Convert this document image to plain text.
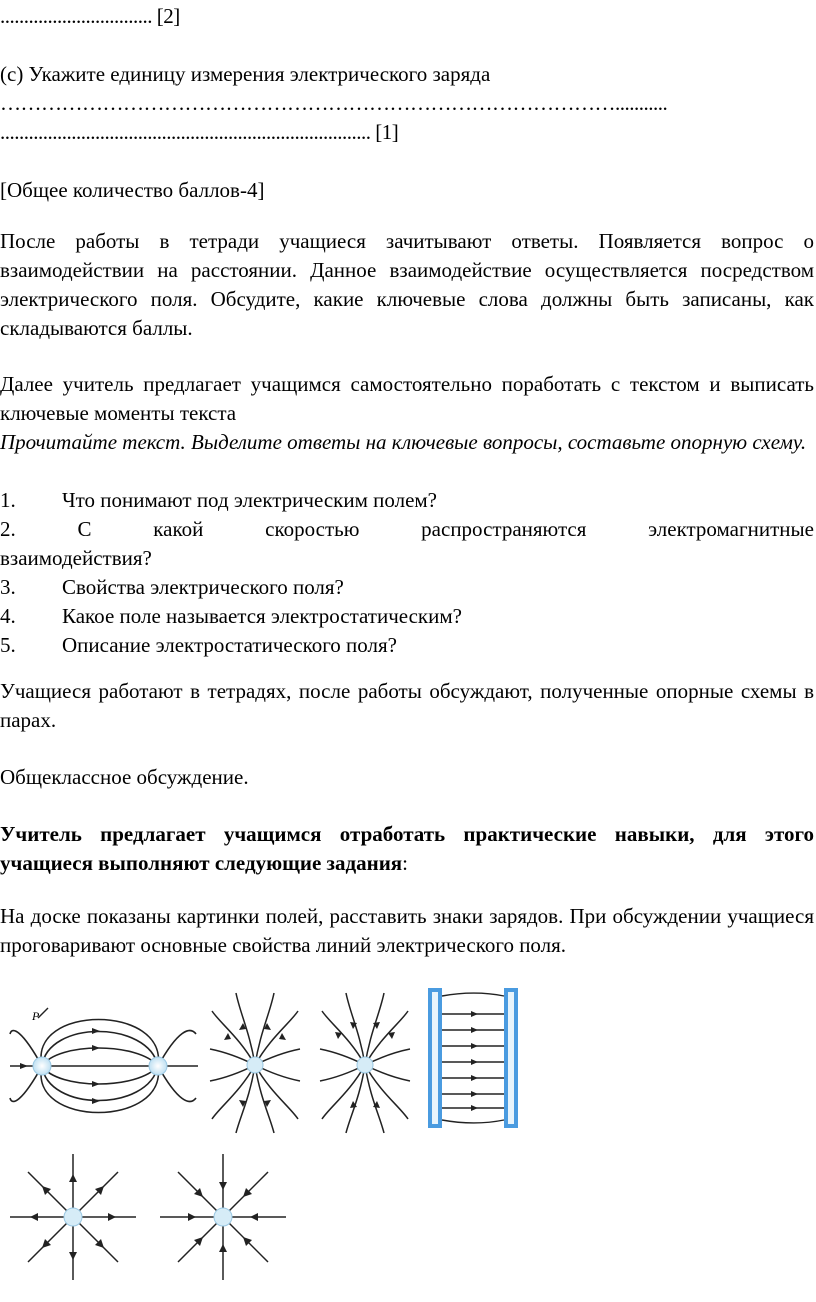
................................ [2]
(с) Укажите единицу измерения электрического заряда
………………………………………………………………………………...........
.............................................................................. [1]
[Общее количество баллов-4]

После работы в тетради учащиеся зачитывают ответы. Появляется вопрос о взаимодействии на расстоянии. Данное взаимодействие осуществляется посредством электрического поля. Обсудите, какие ключевые слова должны быть записаны, как складываются баллы.

Далее учитель предлагает учащимся самостоятельно поработать с текстом и выписать ключевые моменты текста

Прочитайте текст. Выделите ответы на ключевые вопросы, составьте опорную схему.

1. Что понимают под электрическим полем?
2.	С	какой	скоростью	распространяются	электромагнитные
взаимодействия?
3. Свойства электрического поля?
4. Какое поле называется электростатическим?
5. Описание электростатического поля?

Учащиеся работают в тетрадях, после работы обсуждают, полученные опорные схемы в парах.

Общеклассное обсуждение.

Учитель предлагает учащимся отработать практические навыки, для этого учащиеся выполняют следующие задания:

На доске показаны картинки полей, расставить знаки зарядов. При обсуждении учащиеся проговаривают основные свойства линий электрического поля.

P
